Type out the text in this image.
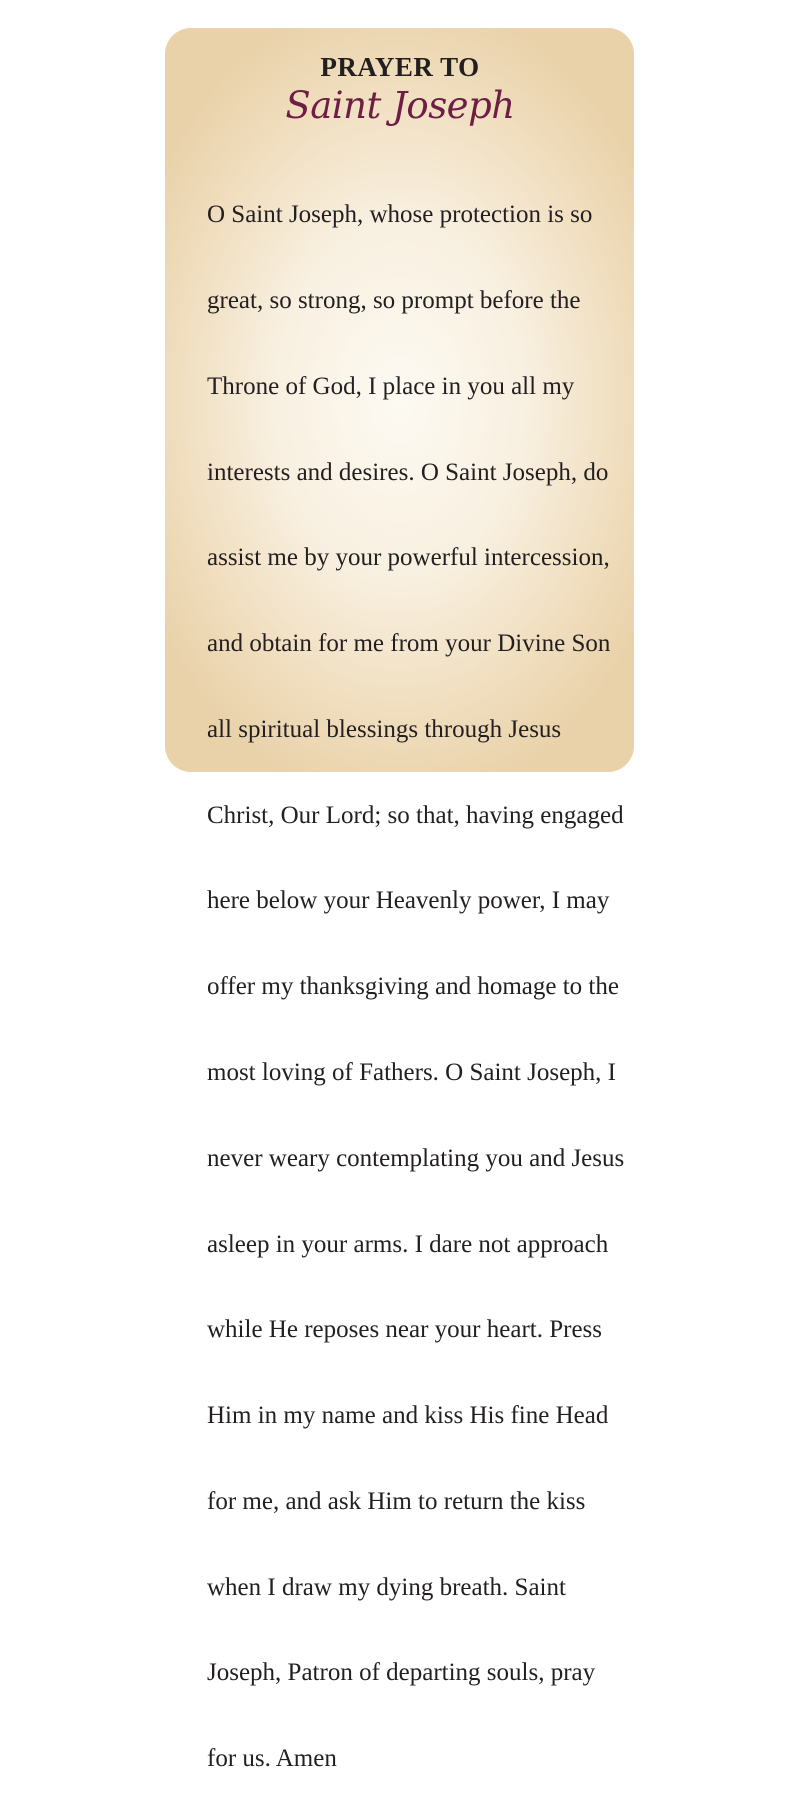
PRAYER TO
Saint Joseph

O Saint Joseph, whose protection is so

great, so strong, so prompt before the

Throne of God, I place in you all my

interests and desires. O Saint Joseph, do

assist me by your powerful intercession,

and obtain for me from your Divine Son

all spiritual blessings through Jesus

Christ, Our Lord; so that, having engaged

here below your Heavenly power, I may

offer my thanksgiving and homage to the

most loving of Fathers. O Saint Joseph, I

never weary contemplating you and Jesus

asleep in your arms. I dare not approach

while He reposes near your heart. Press

Him in my name and kiss His fine Head

for me, and ask Him to return the kiss

when I draw my dying breath. Saint

Joseph, Patron of departing souls, pray

for us. Amen
